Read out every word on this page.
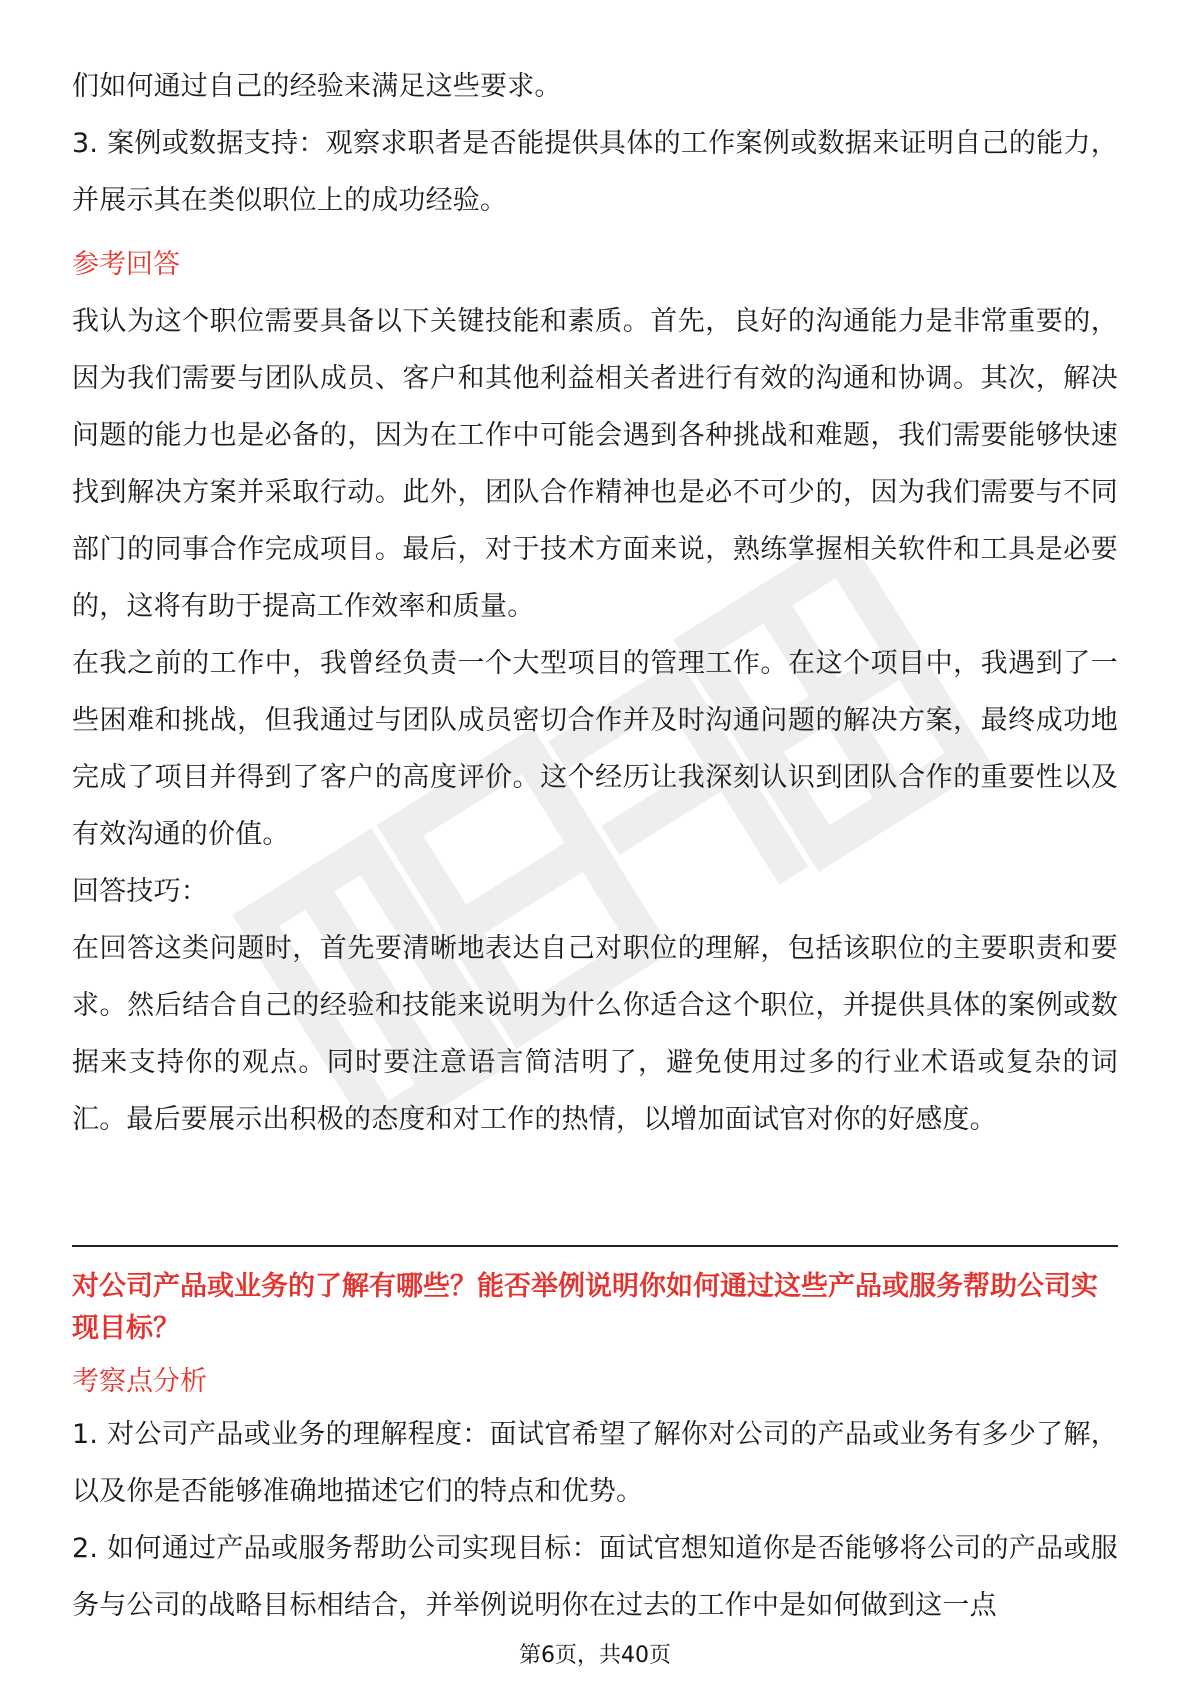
们如何通过自己的经验来满足这些要求。

3. 案例或数据支持：观察求职者是否能提供具体的工作案例或数据来证明自己的能力，并展示其在类似职位上的成功经验。

参考回答

我认为这个职位需要具备以下关键技能和素质。首先，良好的沟通能力是非常重要的，因为我们需要与团队成员、客户和其他利益相关者进行有效的沟通和协调。其次，解决问题的能力也是必备的，因为在工作中可能会遇到各种挑战和难题，我们需要能够快速找到解决方案并采取行动。此外，团队合作精神也是必不可少的，因为我们需要与不同部门的同事合作完成项目。最后，对于技术方面来说，熟练掌握相关软件和工具是必要的，这将有助于提高工作效率和质量。

在我之前的工作中，我曾经负责一个大型项目的管理工作。在这个项目中，我遇到了一些困难和挑战，但我通过与团队成员密切合作并及时沟通问题的解决方案，最终成功地完成了项目并得到了客户的高度评价。这个经历让我深刻认识到团队合作的重要性以及有效沟通的价值。

回答技巧：

在回答这类问题时，首先要清晰地表达自己对职位的理解，包括该职位的主要职责和要求。然后结合自己的经验和技能来说明为什么你适合这个职位，并提供具体的案例或数据来支持你的观点。同时要注意语言简洁明了，避免使用过多的行业术语或复杂的词汇。最后要展示出积极的态度和对工作的热情，以增加面试官对你的好感度。

对公司产品或业务的了解有哪些？能否举例说明你如何通过这些产品或服务帮助公司实现目标？
考察点分析

1. 对公司产品或业务的理解程度：面试官希望了解你对公司的产品或业务有多少了解，以及你是否能够准确地描述它们的特点和优势。

2. 如何通过产品或服务帮助公司实现目标：面试官想知道你是否能够将公司的产品或服务与公司的战略目标相结合，并举例说明你在过去的工作中是如何做到这一点

第6页，共40页
